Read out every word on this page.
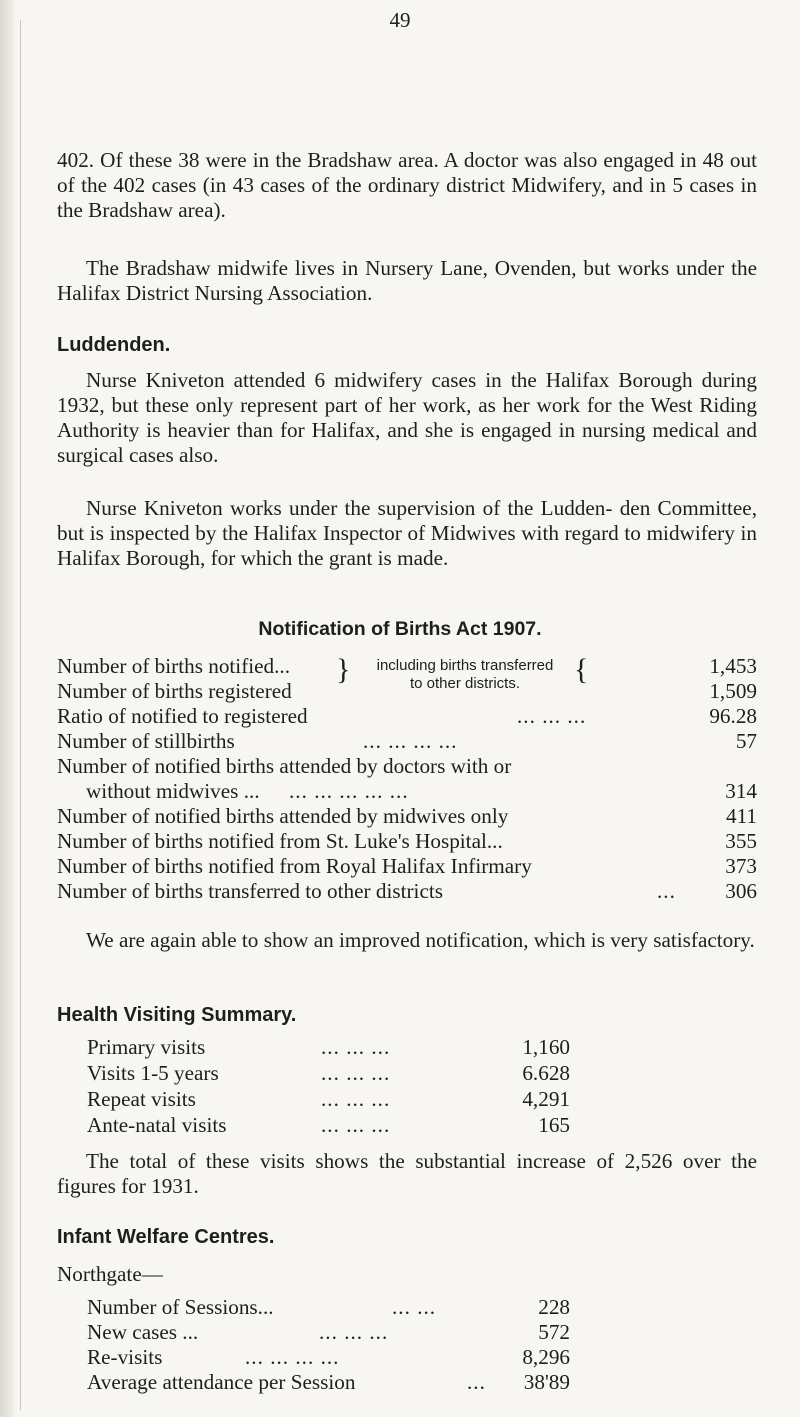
49

402. Of these 38 were in the Bradshaw area. A doctor was also engaged in 48 out of the 402 cases (in 43 cases of the ordinary district Midwifery, and in 5 cases in the Bradshaw area).

The Bradshaw midwife lives in Nursery Lane, Ovenden, but works under the Halifax District Nursing Association.

Luddenden.

Nurse Kniveton attended 6 midwifery cases in the Halifax Borough during 1932, but these only represent part of her work, as her work for the West Riding Authority is heavier than for Halifax, and she is engaged in nursing medical and surgical cases also.

Nurse Kniveton works under the supervision of the Ludden- den Committee, but is inspected by the Halifax Inspector of Midwives with regard to midwifery in Halifax Borough, for which the grant is made.

Notification of Births Act 1907.
}	including births transferred
to other districts.	{
Number of births notified...	1,453
Number of births registered	1,509
Ratio of notified to registered	... ... ...	96.28
Number of stillbirths	... ... ... ...	57
Number of notified births attended by doctors with or
without midwives ... ... ... ... ... ...	314
Number of notified births attended by midwives only	411
Number of births notified from St. Luke's Hospital...	355
Number of births notified from Royal Halifax Infirmary	373
Number of births transferred to other districts	... 306

We are again able to show an improved notification, which is very satisfactory.

Health Visiting Summary.
Primary visits	... ... ...	1,160
Visits 1-5 years	... ... ...	6.628
Repeat visits	... ... ...	4,291
Ante-natal visits	... ... ...	165

The total of these visits shows the substantial increase of 2,526 over the figures for 1931.

Infant Welfare Centres.
Northgate—
Number of Sessions...	... ...	228
New cases ...	... ... ...	572
Re-visits	... ... ... ...	8,296
Average attendance per Session	... 38'89
